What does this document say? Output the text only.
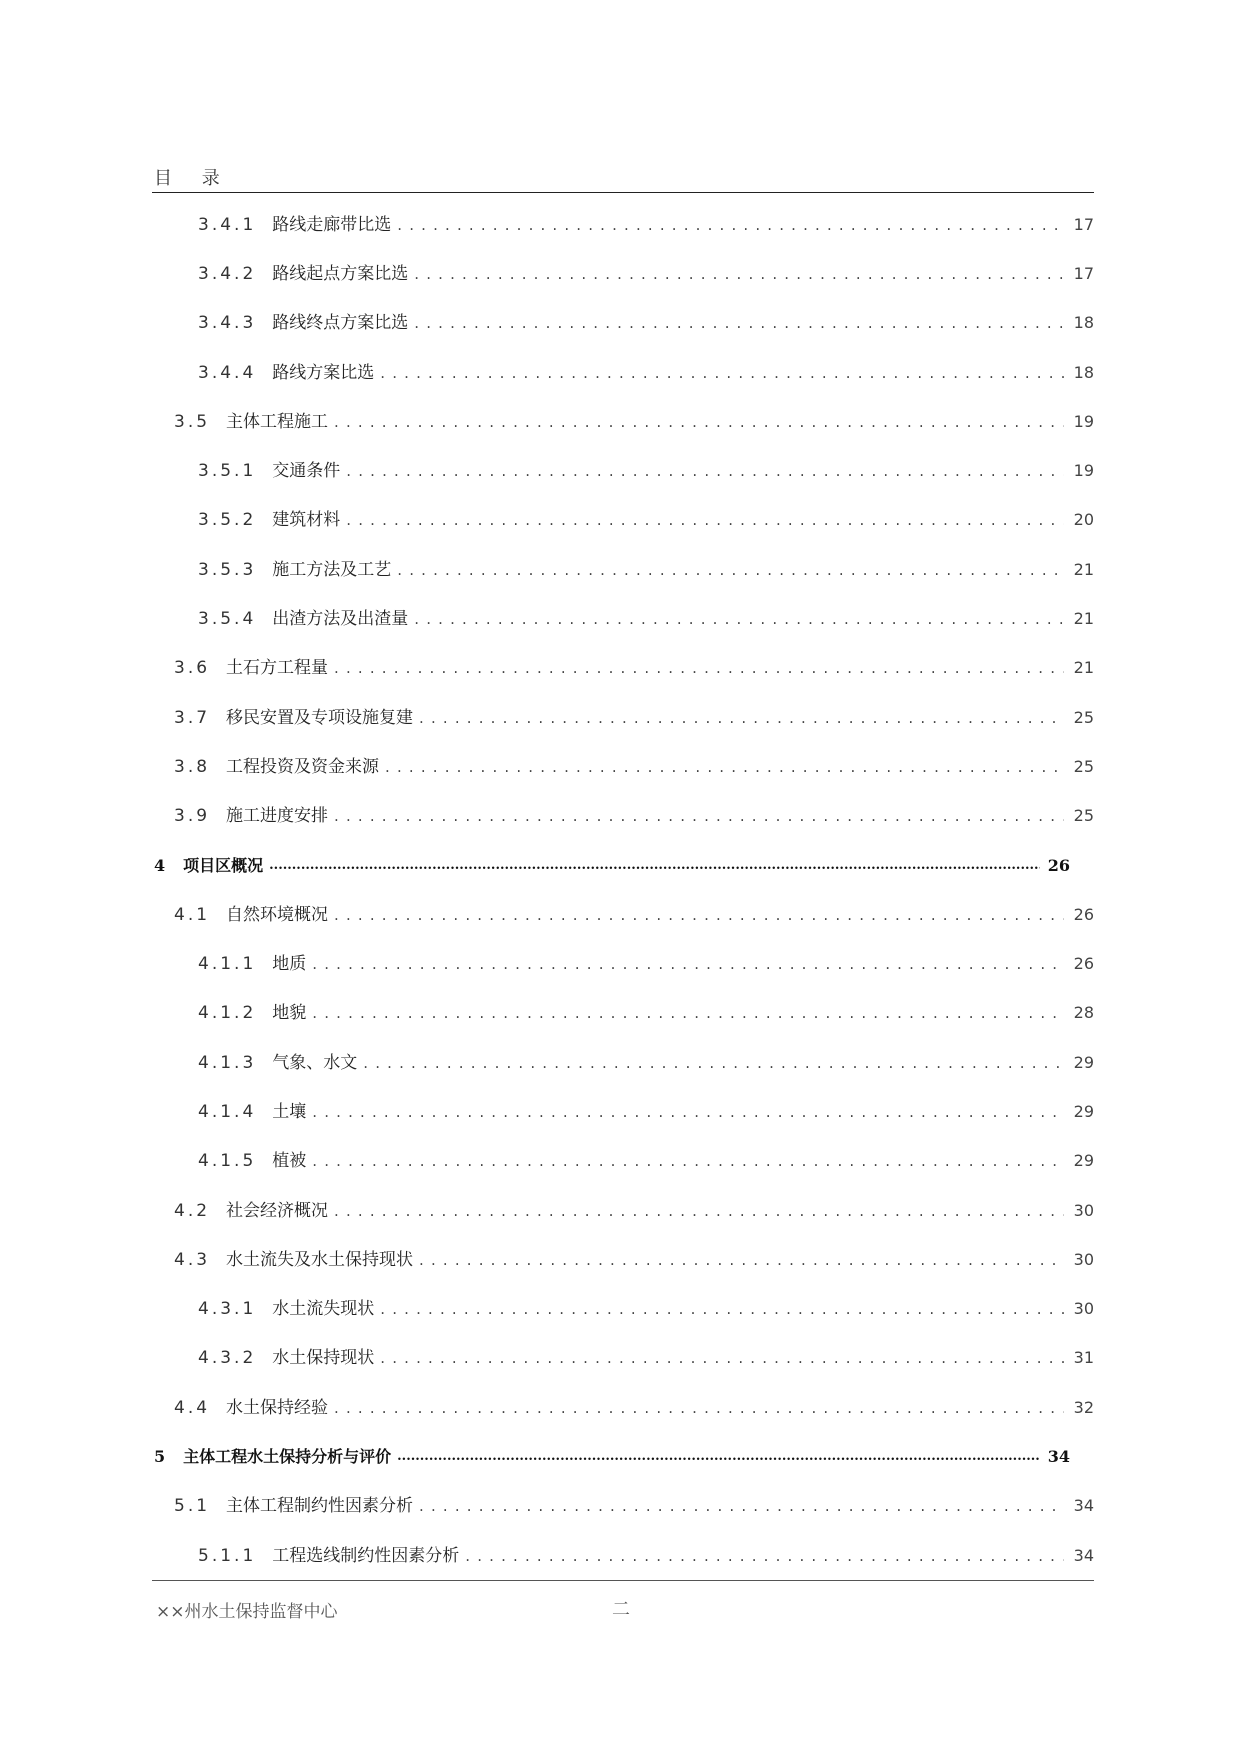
目 录
3.4.1 路线走廊带比选 . . .	17
3.4.2 路线起点方案比选 . . .	17
3.4.3 路线终点方案比选 . . .	18
3.4.4 路线方案比选 . . .	18
3.5 主体工程施工 . . .	19
3.5.1 交通条件 . . .	19
3.5.2 建筑材料 . . .	20
3.5.3 施工方法及工艺 . . .	21
3.5.4 出渣方法及出渣量 . . .	21
3.6 土石方工程量 . . .	21
3.7 移民安置及专项设施复建 . . .	25
3.8 工程投资及资金来源 . . .	25
3.9 施工进度安排 . . .	25
4 项目区概况 .....	26
4.1 自然环境概况 . . .	26
4.1.1 地质 . . .	26
4.1.2 地貌 . . .	28
4.1.3 气象、水文 . . .	29
4.1.4 土壤 . . .	29
4.1.5 植被 . . .	29
4.2 社会经济概况 . . .	30
4.3 水土流失及水土保持现状 . . .	30
4.3.1 水土流失现状 . . .	30
4.3.2 水土保持现状 . . .	31
4.4 水土保持经验 . . .	32
5 主体工程水土保持分析与评价 .....	34
5.1 主体工程制约性因素分析 . . .	34
5.1.1 工程选线制约性因素分析 . . .	34
××州水土保持监督中心	二
